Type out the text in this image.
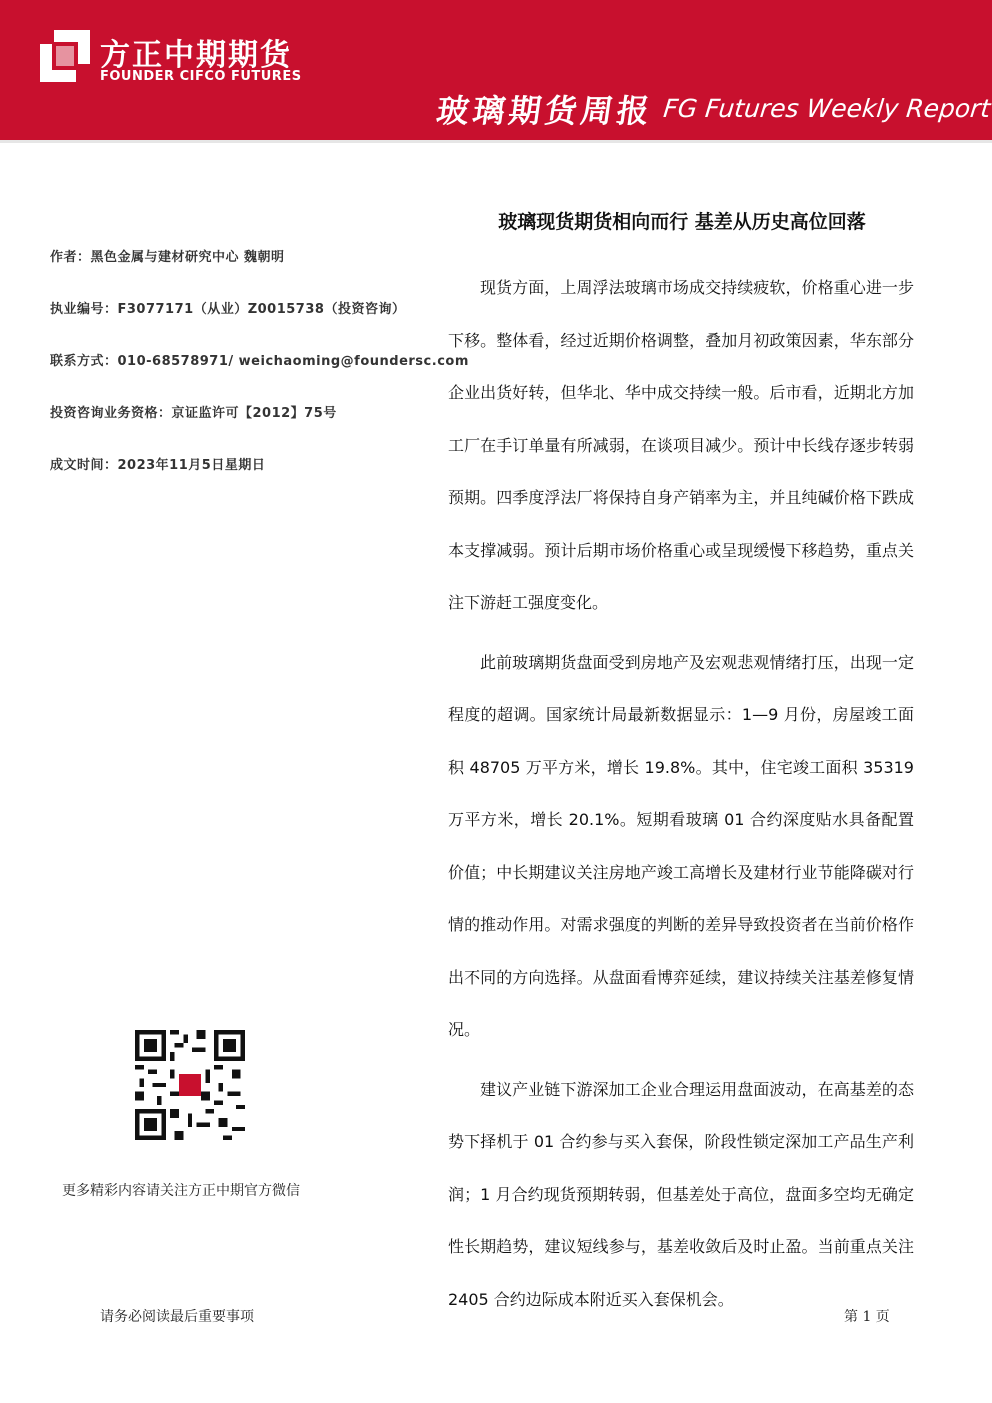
方正中期期货
FOUNDER CIFCO FUTURES
玻璃期货周报 FG Futures Weekly Report
作者：黑色金属与建材研究中心 魏朝明
执业编号：F3077171（从业）Z0015738（投资咨询）
联系方式：010-68578971/ weichaoming@foundersc.com
投资咨询业务资格：京证监许可【2012】75号
成文时间：2023年11月5日星期日
玻璃现货期货相向而行 基差从历史高位回落

现货方面，上周浮法玻璃市场成交持续疲软，价格重心进一步下移。整体看，经过近期价格调整，叠加月初政策因素，华东部分企业出货好转，但华北、华中成交持续一般。后市看，近期北方加工厂在手订单量有所减弱，在谈项目减少。预计中长线存逐步转弱预期。四季度浮法厂将保持自身产销率为主，并且纯碱价格下跌成本支撑减弱。预计后期市场价格重心或呈现缓慢下移趋势，重点关注下游赶工强度变化。

此前玻璃期货盘面受到房地产及宏观悲观情绪打压，出现一定程度的超调。国家统计局最新数据显示：1—9 月份，房屋竣工面积 48705 万平方米，增长 19.8%。其中，住宅竣工面积 35319 万平方米，增长 20.1%。短期看玻璃 01 合约深度贴水具备配置价值；中长期建议关注房地产竣工高增长及建材行业节能降碳对行情的推动作用。对需求强度的判断的差异导致投资者在当前价格作出不同的方向选择。从盘面看博弈延续，建议持续关注基差修复情况。

建议产业链下游深加工企业合理运用盘面波动，在高基差的态势下择机于 01 合约参与买入套保，阶段性锁定深加工产品生产利润；1 月合约现货预期转弱，但基差处于高位，盘面多空均无确定性长期趋势，建议短线参与，基差收敛后及时止盈。当前重点关注 2405 合约边际成本附近买入套保机会。

更多精彩内容请关注方正中期官方微信
请务必阅读最后重要事项	第 1 页
